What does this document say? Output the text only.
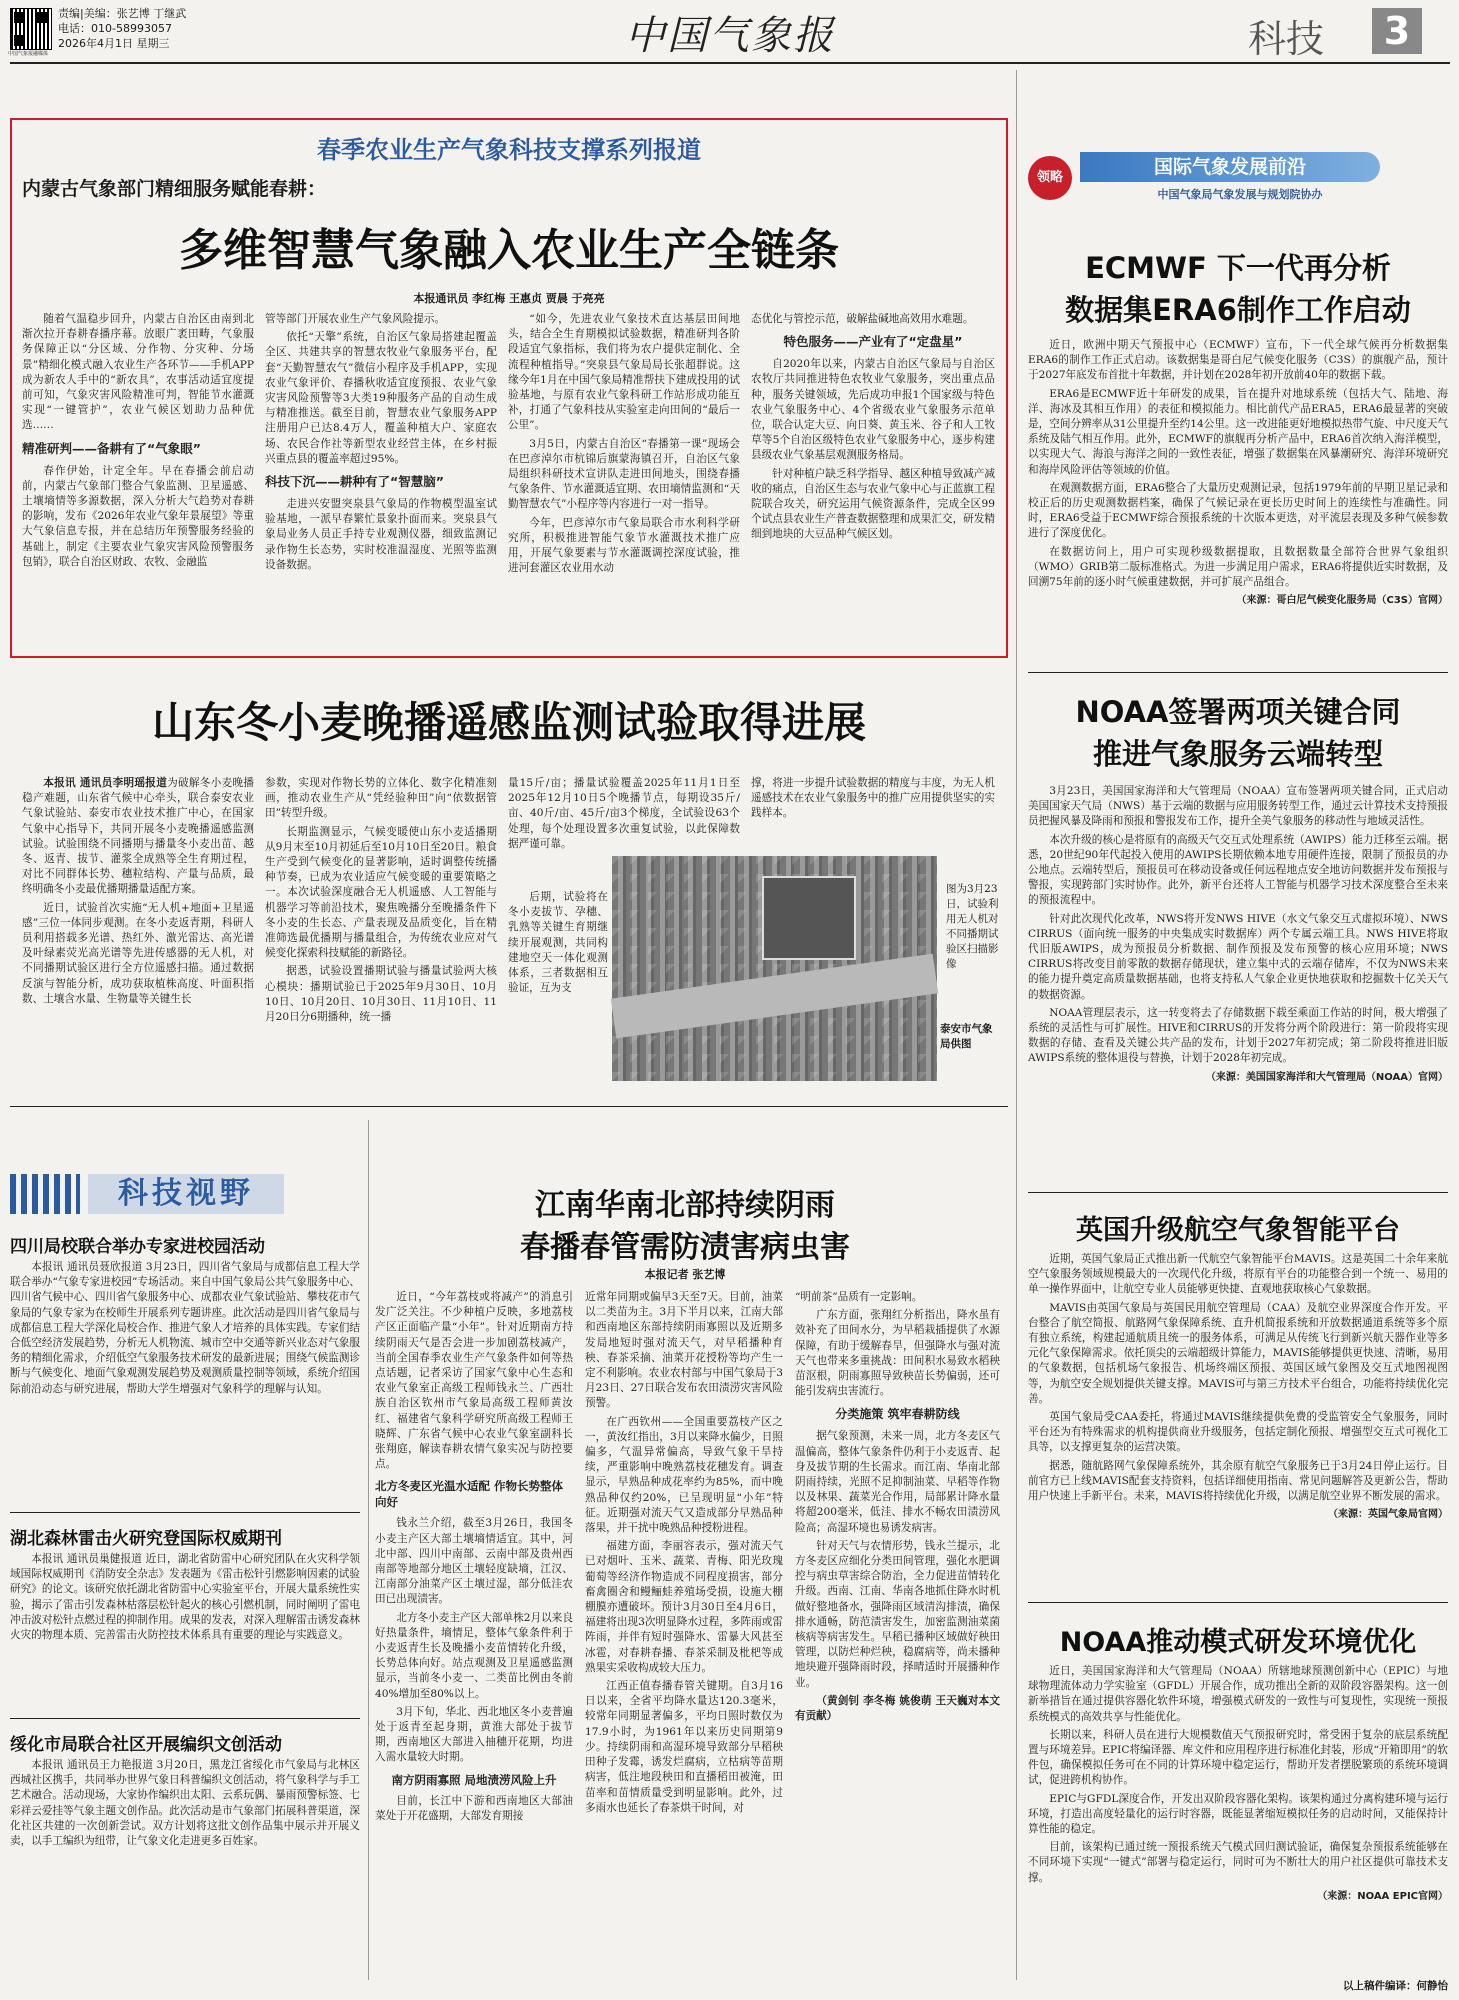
中国气象报融媒体
责编|美编：张艺博 丁继武
电话：010-58993057
2026年4月1日 星期三	中国气象报	科技	3
春季农业生产气象科技支撑系列报道
内蒙古气象部门精细服务赋能春耕：
多维智慧气象融入农业生产全链条
本报通讯员 李红梅 王惠贞 贾晨 于亮亮

随着气温稳步回升，内蒙古自治区由南到北渐次拉开春耕春播序幕。放眼广袤田畴，气象服务保障正以“分区域、分作物、分灾种、分场景”精细化模式融入农业生产各环节——手机APP成为新农人手中的“新农具”，农事活动适宜度提前可知，气象灾害风险精准可判，智能节水灌溉实现“一键管护”，农业气候区划助力品种优选……

精准研判——备耕有了“气象眼”

春作伊始，计定全年。早在春播会前启动前，内蒙古气象部门整合气象监测、卫星遥感、土壤墒情等多源数据，深入分析大气趋势对春耕的影响，发布《2026年农业气象年景展望》等重大气象信息专报，并在总结历年预警服务经验的基础上，制定《主要农业气象灾害风险预警服务包销》，联合自治区财政、农牧、金融监

管等部门开展农业生产气象风险提示。

依托“天擎”系统，自治区气象局搭建起覆盖全区、共建共享的智慧农牧业气象服务平台，配套“天勤智慧农气”微信小程序及手机APP，实现农业气象评价、春播秋收适宜度预报、农业气象灾害风险预警等3大类19种服务产品的自动生成与精准推送。截至目前，智慧农业气象服务APP注册用户已达8.4万人，覆盖种植大户、家庭农场、农民合作社等新型农业经营主体，在乡村振兴重点县的覆盖率超过95%。

科技下沉——耕种有了“智慧脑”

走进兴安盟突泉县气象局的作物模型温室试验基地，一派早春繁忙景象扑面而来。突泉县气象局业务人员正手持专业观测仪器，细致监测记录作物生长态势，实时校准温湿度、光照等监测设备数据。

“如今，先进农业气象技术直达基层田间地头，结合全生育期模拟试验数据，精准研判各阶段适宜气象指标，我们将为农户提供定制化、全流程种植指导。”突泉县气象局局长张超群说。这缘今年1月在中国气象局精准帮扶下建成投用的试验基地，与原有农业气象科研工作站形成功能互补，打通了气象科技从实验室走向田间的“最后一公里”。

3月5日，内蒙古自治区“春播第一课”现场会在巴彦淖尔市杭锦后旗蒙海镇召开，自治区气象局组织科研技术宣讲队走进田间地头，围绕春播气象条件、节水灌溉适宜期、农田墒情监测和“天勤智慧农气”小程序等内容进行一对一指导。

今年，巴彦淖尔市气象局联合市水利科学研究所，积极推进智能气象节水灌溉技术推广应用，开展气象要素与节水灌溉调控深度试验，推进河套灌区农业用水动

态优化与管控示范，破解盐碱地高效用水难题。

特色服务——产业有了“定盘星”

自2020年以来，内蒙古自治区气象局与自治区农牧厅共同推进特色农牧业气象服务，突出重点品种，服务关键领域，先后成功申报1个国家级与特色农业气象服务中心、4个省级农业气象服务示范单位，联合认定大豆、向日葵、黄玉米、谷子和人工牧草等5个自治区级特色农业气象服务中心，逐步构建县级农业气象基层观测服务格局。

针对种植户缺乏科学指导、越区种植导致减产减收的痛点，自治区生态与农业气象中心与正蓝旗工程院联合攻关，研究运用气候资源条件，完成全区99个试点县农业生产普查数据整理和成果汇交，研发精细到地块的大豆品种气候区划。

山东冬小麦晚播遥感监测试验取得进展

本报讯 通讯员李明瑶报道为破解冬小麦晚播稳产难题，山东省气候中心牵头，联合泰安农业气象试验站、泰安市农业技术推广中心，在国家气象中心指导下，共同开展冬小麦晚播遥感监测试验。试验围绕不同播期与播量冬小麦出苗、越冬、返青、拔节、灌浆全成熟等全生育期过程，对比不同群体长势、穗粒结构、产量与品质，最终明确冬小麦最优播期播量适配方案。

近日，试验首次实施“无人机+地面+卫星遥感”三位一体同步观测。在冬小麦返青期，科研人员利用搭载多光谱、热红外、激光雷达、高光谱及叶绿素荧光高光谱等先进传感器的无人机，对不同播期试验区进行全方位遥感扫描。通过数据反演与智能分析，成功获取植株高度、叶面积指数、土壤含水量、生物量等关键生长

参数，实现对作物长势的立体化、数字化精准刻画，推动农业生产从“凭经验种田”向“依数据管田”转型升级。

长期监测显示，气候变暖使山东小麦适播期从9月末至10月初延后至10月10日至20日。粮食生产受到气候变化的显著影响，适时调整传统播种节奏，已成为农业适应气候变暖的重要策略之一。本次试验深度融合无人机遥感、人工智能与机器学习等前沿技术，聚焦晚播分至晚播条件下冬小麦的生长态、产量表现及品质变化，旨在精准筛选最优播期与播量组合，为传统农业应对气候变化探索科技赋能的新路径。

据悉，试验设置播期试验与播量试验两大核心模块：播期试验已于2025年9月30日、10月10日、10月20日、10月30日、11月10日、11月20日分6期播种，统一播

量15斤/亩；播量试验覆盖2025年11月1日至2025年12月10日5个晚播节点，每期设35斤/亩、40斤/亩、45斤/亩3个梯度，全试验设63个处理，每个处理设置多次重复试验，以此保障数据严谨可靠。

后期，试验将在冬小麦拔节、孕穗、乳熟等关键生育期继续开展观测，共同构建地空天一体化观测体系，三者数据相互验证，互为支

撑，将进一步提升试验数据的精度与丰度，为无人机遥感技术在农业气象服务中的推广应用提供坚实的实践样本。

图为3月23日，试验利用无人机对不同播期试验区扫描影像
泰安市气象局供图
科技视野
四川局校联合举办专家进校园活动
本报讯 通讯员聂欣报道 3月23日，四川省气象局与成都信息工程大学联合举办“气象专家进校园”专场活动。来自中国气象局公共气象服务中心、四川省气候中心、四川省气象服务中心、成都农业气象试验站、攀枝花市气象局的气象专家为在校师生开展系列专题讲座。此次活动是四川省气象局与成都信息工程大学深化局校合作、推进气象人才培养的具体实践。专家们结合低空经济发展趋势，分析无人机物流、城市空中交通等新兴业态对气象服务的精细化需求，介绍低空气象服务技术研发的最新进展；围绕气候监测诊断与气候变化、地面气象观测发展趋势及观测质量控制等领域，系统介绍国际前沿动态与研究进展，帮助大学生增强对气象科学的理解与认知。
湖北森林雷击火研究登国际权威期刊
本报讯 通讯员巢健报道 近日，湖北省防雷中心研究团队在火灾科学领域国际权威期刊《消防安全杂志》发表题为《雷击松针引燃影响因素的试验研究》的论文。该研究依托湖北省防雷中心实验室平台，开展大量系统性实验，揭示了雷击引发森林枯落层松针起火的核心引燃机制，同时阐明了雷电冲击波对松针点燃过程的抑制作用。成果的发表，对深入理解雷击诱发森林火灾的物理本质、完善雷击火防控技术体系具有重要的理论与实践意义。
绥化市局联合社区开展编织文创活动
本报讯 通讯员王力艳报道 3月20日，黑龙江省绥化市气象局与北林区西城社区携手，共同举办世界气象日科普编织文创活动，将气象科学与手工艺术融合。活动现场，大家协作编织出太阳、云系玩偶、暴雨预警标签、七彩祥云爱挂等气象主题文创作品。此次活动是市气象部门拓展科普渠道，深化社区共建的一次创新尝试。双方计划将这批文创作品集中展示并开展义卖，以手工编织为纽带，让气象文化走进更多百姓家。
江南华南北部持续阴雨
春播春管需防渍害病虫害
本报记者 张艺博

近日，“今年荔枝或将减产”的消息引发广泛关注。不少种植户反映，多地荔枝产区正面临产量“小年”。针对近期南方持续阴雨天气是否会进一步加剧荔枝减产，当前全国春季农业生产气象条件如何等热点话题，记者采访了国家气象中心生态和农业气象室正高级工程师钱永兰、广西壮族自治区钦州市气象局高级工程师黄汝红、福建省气象科学研究所高级工程师王晓辉、广东省气候中心农业气象室副科长张翔庭，解读春耕农情气象实况与防控要点。

北方冬麦区光温水适配 作物长势整体向好

钱永兰介绍，截至3月26日，我国冬小麦主产区大部土壤墒情适宜。其中，河北中部、四川中南部、云南中部及贵州西南部等地部分地区土壤轻度缺墒，江汉、江南部分油菜产区土壤过湿，部分低洼农田已出现渍害。

北方冬小麦主产区大部单株2月以来良好热量条件，墒情足，整体气象条件利于小麦返青生长及晚播小麦苗情转化升级，长势总体向好。站点观测及卫星遥感监测显示，当前冬小麦一、二类苗比例由冬前40%增加至80%以上。

3月下旬，华北、西北地区冬小麦普遍处于返青至起身期，黄淮大部处于拔节期，西南地区大部进入抽穗开花期，均进入需水量较大时期。

南方阴雨寡照 局地渍涝风险上升

目前，长江中下游和西南地区大部油菜处于开花盛期，大部发育期接

近常年同期或偏早3天至7天。目前，油菜以二类苗为主。3月下半月以来，江南大部和西南地区东部持续阴雨寡照以及近期多发局地短时强对流天气，对早稻播种育秧、春茶采摘、油菜开花授粉等均产生一定不利影响。农业农村部与中国气象局于3月23日、27日联合发布农田渍涝灾害风险预警。

在广西钦州——全国重要荔枝产区之一，黄汝红指出，3月以来降水偏少，日照偏多，气温异常偏高，导致气象干旱持续，严重影响中晚熟荔枝花穗发育。调查显示，早熟品种成花率约为85%，而中晚熟品种仅约20%，已呈现明显“小年”特征。近期强对流天气又造成部分早熟品种落果，并干扰中晚熟品种授粉进程。

福建方面，李丽容表示，强对流天气已对烟叶、玉米、蔬菜、青梅、阳光玫瑰葡萄等经济作物造成不同程度损害，部分畜禽圈舍和鳗鲡蛙养殖场受损，设施大棚棚膜亦遭破坏。预计3月30日至4月6日，福建将出现3次明显降水过程，多阵雨或雷阵雨，并伴有短时强降水、雷暴大风甚至冰雹，对春耕春播、春茶采制及枇杷等成熟果实采收构成较大压力。

江西正值春播春管关键期。自3月16日以来，全省平均降水量达120.3毫米，较常年同期显著偏多，平均日照时数仅为17.9小时，为1961年以来历史同期第9少。持续阴雨和高湿环境导致部分早稻秧田种子发霉，诱发烂腐病，立枯病等苗期病害，低注地段秧田和直播稻田被淹，田苗率和苗情质量受到明显影响。此外，过多雨水也延长了春茶烘干时间，对

“明前茶”品质有一定影响。

广东方面，张翔红分析指出，降水虽有效补充了田间水分，为早稻栽插提供了水源保障，有助于缓解春旱，但强降水与强对流天气也带来多重挑战：田间积水易致水稻秧苗沤根，阴雨寡照导致秧苗长势偏弱，还可能引发病虫害流行。

分类施策 筑牢春耕防线

据气象预测，未来一周，北方冬麦区气温偏高，整体气象条件仍利于小麦返青、起身及拔节期的生长需求。而江南、华南北部阴雨持续，光照不足抑制油菜、早稻等作物以及林果、蔬菜光合作用，局部累计降水量将超200毫米，低洼、排水不畅农田渍涝风险高；高湿环境也易诱发病害。

针对天气与农情形势，钱永兰提示，北方冬麦区应细化分类田间管理，强化水肥调控与病虫草害综合防治，全力促进苗情转化升级。西南、江南、华南各地抓住降水时机做好整地备水，强降雨区域清沟排渍，确保排水通畅，防范渍害发生，加密监测油菜菌核病等病害发生。早稻已播种区域做好秧田管理，以防烂种烂秧，稳腐病等，尚未播种地块避开强降雨时段，择晴适时开展播种作业。

（黄剑钊 李冬梅 姚俊萌 王天巍对本文有贡献）

领略	国际气象发展前沿
中国气象局气象发展与规划院协办
ECMWF 下一代再分析
数据集ERA6制作工作启动

近日，欧洲中期天气预报中心（ECMWF）宣布，下一代全球气候再分析数据集ERA6的制作工作正式启动。该数据集是哥白尼气候变化服务（C3S）的旗舰产品，预计于2027年底发布首批十年数据，并计划在2028年初开放前40年的数据下载。

ERA6是ECMWF近十年研发的成果，旨在提升对地球系统（包括大气、陆地、海洋、海冰及其相互作用）的表征和模拟能力。相比前代产品ERA5，ERA6最显著的突破是，空间分辨率从31公里提升至约14公里。这一改进能更好地模拟热带气旋、中尺度天气系统及陆气相互作用。此外，ECMWF的旗舰再分析产品中，ERA6首次纳入海洋模型，以实现大气、海浪与海洋之间的一致性表征，增强了数据集在风暴潮研究、海洋环境研究和海岸风险评估等领域的价值。

在观测数据方面，ERA6整合了大量历史观测记录，包括1979年前的早期卫星记录和校正后的历史观测数据档案，确保了气候记录在更长历史时间上的连续性与准确性。同时，ERA6受益于ECMWF综合预报系统的十次版本更迭，对平流层表现及多种气候参数进行了深度优化。

在数据访问上，用户可实现秒级数据提取，且数据数量全部符合世界气象组织（WMO）GRIB第二版标准格式。为进一步满足用户需求，ERA6将提供近实时数据，及回溯75年前的逐小时气候重建数据，并可扩展产品组合。

（来源：哥白尼气候变化服务局（C3S）官网）
NOAA签署两项关键合同
推进气象服务云端转型

3月23日，美国国家海洋和大气管理局（NOAA）宣布签署两项关键合同，正式启动美国国家天气局（NWS）基于云端的数据与应用服务转型工作，通过云计算技术支持预报员把握风暴及降雨和预报和警报发布工作，提升全美气象服务的移动性与地域灵活性。

本次升级的核心是将原有的高级天气交互式处理系统（AWIPS）能力迁移至云端。据悉，20世纪90年代起投入使用的AWIPS长期依赖本地专用硬件连接，限制了预报员的办公地点。云端转型后，预报员可在移动设备或任何远程地点安全地访问数据并发布预报与警报，实现跨部门实时协作。此外，新平台还将人工智能与机器学习技术深度整合至未来的预报流程中。

针对此次现代化改革，NWS将开发NWS HIVE（水文气象交互式虚拟环境）、NWS CIRRUS（面向统一服务的中央集成实时数据库）两个专属云端工具。NWS HIVE将取代旧版AWIPS，成为预报员分析数据、制作预报及发布预警的核心应用环境；NWS CIRRUS将改变目前零散的数据存储现状，建立集中式的云端存储库，不仅为NWS未来的能力提升奠定高质量数据基础，也将支持私人气象企业更快地获取和挖掘数十亿关天气的数据资源。

NOAA管理层表示，这一转变将去了存储数据下载至乘面工作站的时间，极大增强了系统的灵活性与可扩展性。HIVE和CIRRUS的开发将分两个阶段进行：第一阶段将实现数据的存储、查看及关键公共产品的发布，计划于2027年初完成；第二阶段将推进旧版AWIPS系统的整体退役与替换，计划于2028年初完成。

（来源：美国国家海洋和大气管理局（NOAA）官网）
英国升级航空气象智能平台

近期，英国气象局正式推出新一代航空气象智能平台MAVIS。这是英国二十余年来航空气象服务领域规模最大的一次现代化升级，将原有平台的功能整合到一个统一、易用的单一操作界面中，让航空专业人员能够更快捷、直观地获取核心气象数据。

MAVIS由英国气象局与英国民用航空管理局（CAA）及航空业界深度合作开发。平台整合了航空简报、航路网气象保障系统、直升机简报系统和开放数据通道系统等多个原有独立系统，构建起通航质且统一的服务体系，可满足从传统飞行到新兴航天器作业等多元化气象保障需求。依托顶尖的云端超级计算能力，MAVIS能够提供更快速、清晰，易用的气象数据，包括机场气象报告、机场终端区预报、英国区域气象图及交互式地图视图等，为航空安全规划提供关键支撑。MAVIS可与第三方技术平台组合，功能将持续优化完善。

英国气象局受CAA委托，将通过MAVIS继续提供免费的受监管安全气象服务，同时平台还为有特殊需求的机构提供商业升级服务，包括定制化预报、增强型交互式可视化工具等，以支撑更复杂的运营决策。

据悉，随航路网气象保障系统外，其余原有航空气象服务已于3月24日停止运行。目前官方已上线MAVIS配套支持资料，包括详细使用指南、常见问题解答及更新公告，帮助用户快速上手新平台。未来，MAVIS将持续优化升级，以满足航空业界不断发展的需求。

（来源：英国气象局官网）
NOAA推动模式研发环境优化

近日，美国国家海洋和大气管理局（NOAA）所辖地球预测创新中心（EPIC）与地球物理流体动力学实验室（GFDL）开展合作，成功推出全新的双阶段容器架构。这一创新举措旨在通过提供容器化软件环境，增强模式研发的一致性与可复现性，实现统一预报系统模式的高效共享与性能优化。

长期以来，科研人员在进行大规模数值天气预报研究时，常受困于复杂的底层系统配置与环境差异。EPIC将编译器、库文件和应用程序进行标准化封装，形成“开箱即用”的软件包，确保模拟任务可在不同的计算环境中稳定运行，帮助开发者摆脱繁琐的系统环境调试，促进跨机构协作。

EPIC与GFDL深度合作，开发出双阶段容器化架构。该架构通过分离构建环境与运行环境，打造出高度轻量化的运行时容器，既能显著缩短模拟任务的启动时间，又能保持计算性能的稳定。

目前，该架构已通过统一预报系统天气模式回归测试验证，确保复杂预报系统能够在不同环境下实现“一键式”部署与稳定运行，同时可为不断壮大的用户社区提供可靠技术支撑。

（来源：NOAA EPIC官网）
以上稿件编译：何静怡
